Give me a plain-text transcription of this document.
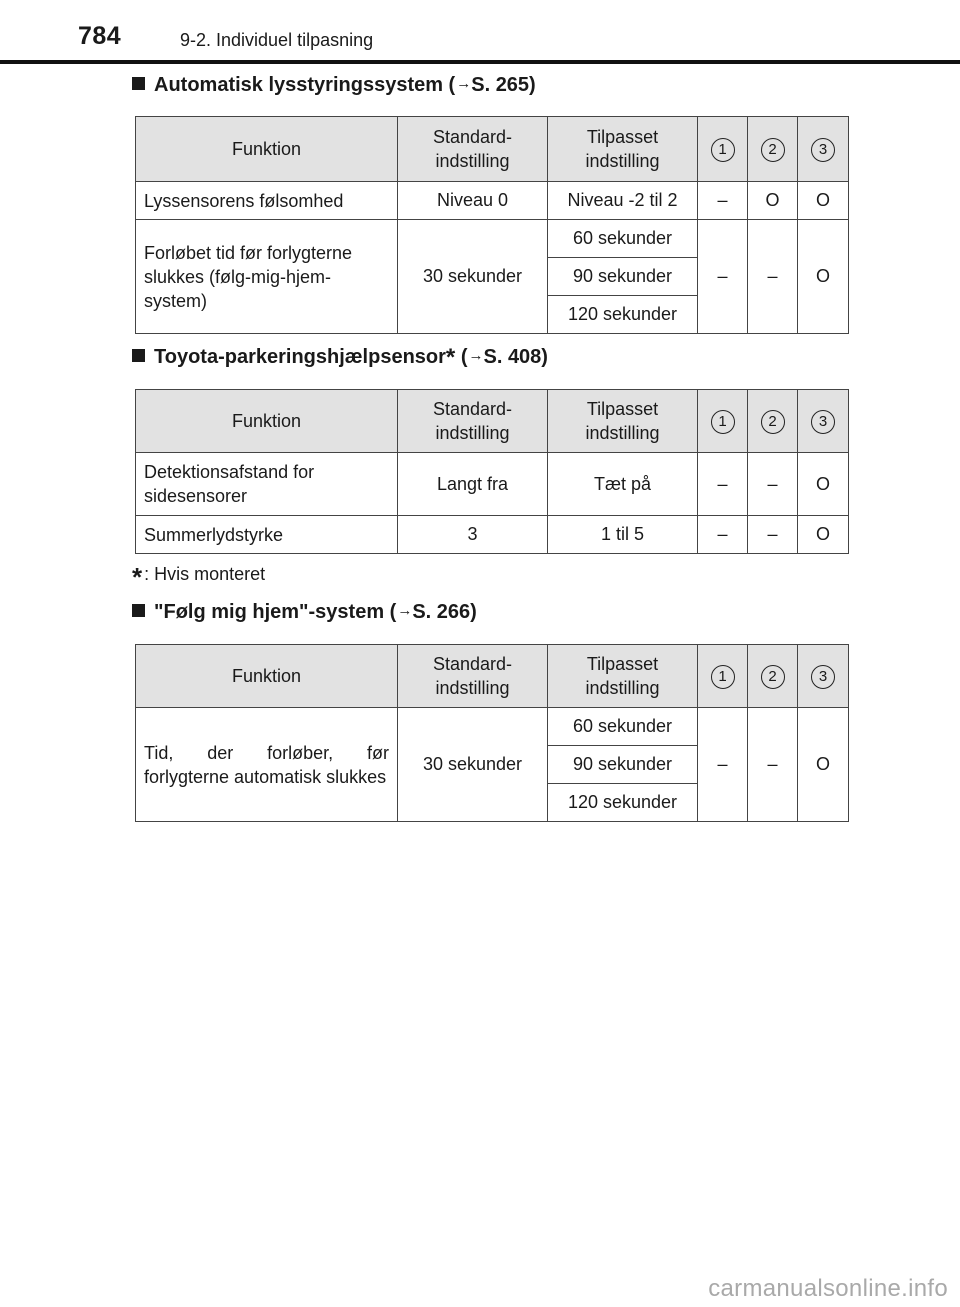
784	9-2. Individuel tilpasning
Automatisk lysstyringssystem (→S. 265)
Funktion	Standard-indstilling	Tilpasset indstilling	1	2	3
Lyssensorens følsomhed	Niveau 0	Niveau -2 til 2	–	O	O
Forløbet tid før forlygterne slukkes (følg-mig-hjem-system)	30 sekunder	60 sekunder	–	–	O
		90 sekunder			
		120 sekunder			
Toyota-parkeringshjælpsensor* (→S. 408)
Funktion	Standard-indstilling	Tilpasset indstilling	1	2	3
Detektionsafstand for sidesensorer	Langt fra	Tæt på	–	–	O
Summerlydstyrke	3	1 til 5	–	–	O
* : Hvis monteret
"Følg mig hjem"-system (→S. 266)
Funktion	Standard-indstilling	Tilpasset indstilling	1	2	3
Tid, der forløber, før forlygterne automatisk slukkes	30 sekunder	60 sekunder	–	–	O
		90 sekunder			
		120 sekunder			
carmanualsonline.info
